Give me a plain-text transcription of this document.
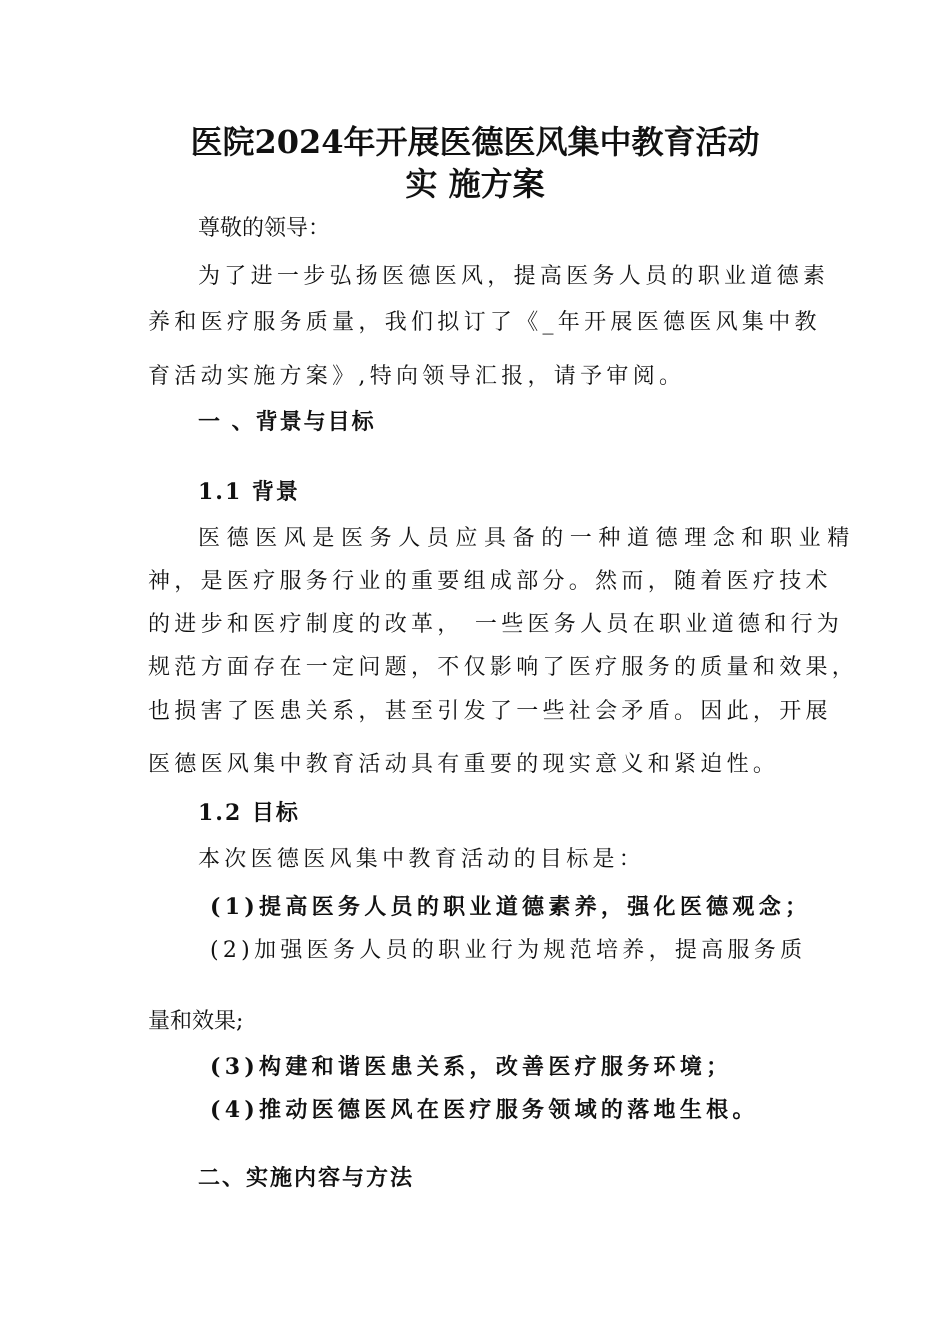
医院2024年开展医德医风集中教育活动
实 施方案
尊敬的领导：
为了进一步弘扬医德医风，提高医务人员的职业道德素
养和医疗服务质量，我们拟订了《_年开展医德医风集中教
育活动实施方案》,特向领导汇报，请予审阅。
一 、背景与目标
1.1 背景
医德医风是医务人员应具备的一种道德理念和职业精
神，是医疗服务行业的重要组成部分。然而，随着医疗技术
的进步和医疗制度的改革， 一些医务人员在职业道德和行为
规范方面存在一定问题，不仅影响了医疗服务的质量和效果，
也损害了医患关系，甚至引发了一些社会矛盾。因此，开展
医德医风集中教育活动具有重要的现实意义和紧迫性。
1.2 目标
本次医德医风集中教育活动的目标是：
(1)提高医务人员的职业道德素养，强化医德观念；
(2)加强医务人员的职业行为规范培养，提高服务质
量和效果;
(3)构建和谐医患关系，改善医疗服务环境；
(4)推动医德医风在医疗服务领域的落地生根。
二、实施内容与方法
